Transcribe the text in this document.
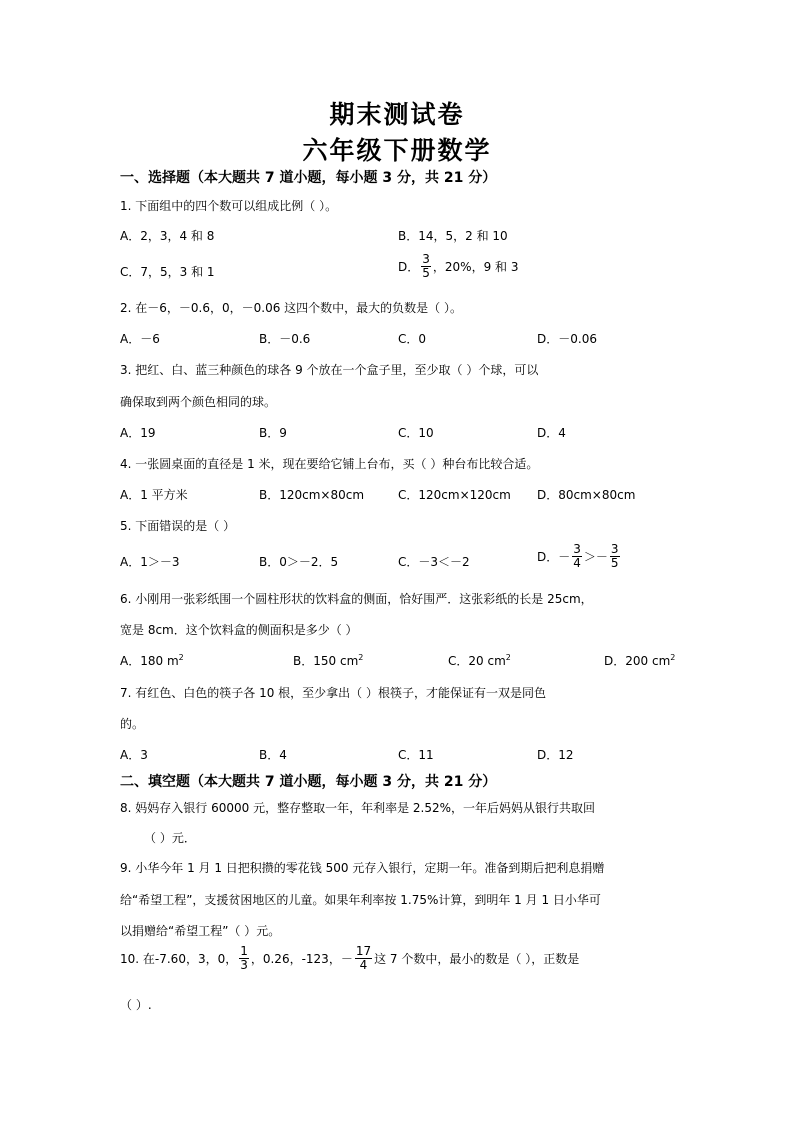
期末测试卷
六年级下册数学
一、选择题（本大题共 7 道小题，每小题 3 分，共 21 分）
1. 下面组中的四个数可以组成比例（ ）。
A．2，3，4 和 8	B．14，5，2 和 10
C．7，5，3 和 1	D． $\frac{3}{5}$ ，20%，9 和 3
2. 在－6，－0.6，0，－0.06 这四个数中，最大的负数是（ ）。
A．－6	B．－0.6	C．0	D．－0.06
3. 把红、白、蓝三种颜色的球各 9 个放在一个盒子里，至少取（ ）个球，可以
确保取到两个颜色相同的球。
A．19	B．9	C．10	D．4
4. 一张圆桌面的直径是 1 米，现在要给它铺上台布，买（ ）种台布比较合适。
A．1 平方米	B．120cm×80cm	C．120cm×120cm D．80cm×80cm
5. 下面错误的是（ ）
A．1＞－3	B．0＞－2．5	C．－3＜－2	D．－ $\frac{3}{4} >- \frac{3}{5}$
6. 小刚用一张彩纸围一个圆柱形状的饮料盒的侧面，恰好围严．这张彩纸的长是 25cm，
宽是 8cm．这个饮料盒的侧面积是多少（ ）
A．180 $m^2$	B．150 $cm^2$	C．20 $cm^2$	D．200 $cm^2$
7. 有红色、白色的筷子各 10 根，至少拿出（ ）根筷子，才能保证有一双是同色
的。
A．3	B．4	C．11	D．12
二、填空题（本大题共 7 道小题，每小题 3 分，共 21 分）
8. 妈妈存入银行 60000 元，整存整取一年，年利率是 2.52%，一年后妈妈从银行共取回
（ ）元．
9. 小华今年 1 月 1 日把积攒的零花钱 500 元存入银行，定期一年。准备到期后把利息捐赠
给“希望工程”，支援贫困地区的儿童。如果年利率按 1.75%计算，到明年 1 月 1 日小华可
以捐赠给“希望工程”（ ）元。
10. 在-7.60，3，0， $\frac{1}{3}$ ，0.26，-123，－ $\frac{17}{4}$ 这 7 个数中，最小的数是（ ），正数是
（ ）.
